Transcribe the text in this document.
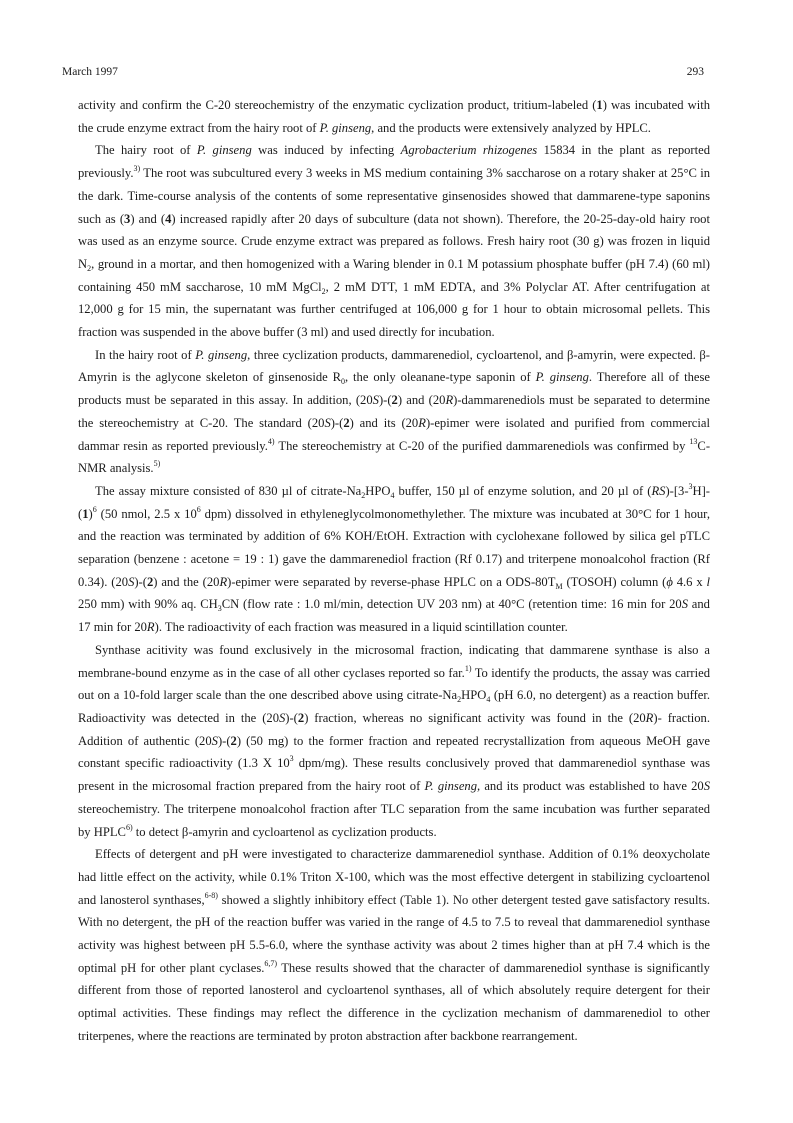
March 1997	293

activity and confirm the C-20 stereochemistry of the enzymatic cyclization product, tritium-labeled (1) was incubated with the crude enzyme extract from the hairy root of P. ginseng, and the products were extensively analyzed by HPLC.

The hairy root of P. ginseng was induced by infecting Agrobacterium rhizogenes 15834 in the plant as reported previously.$^{3)}$ The root was subcultured every 3 weeks in MS medium containing 3% saccharose on a rotary shaker at 25°C in the dark. Time-course analysis of the contents of some representative ginsenosides showed that dammarene-type saponins such as (3) and (4) increased rapidly after 20 days of subculture (data not shown). Therefore, the 20-25-day-old hairy root was used as an enzyme source. Crude enzyme extract was prepared as follows. Fresh hairy root (30 g) was frozen in liquid $N_2$, ground in a mortar, and then homogenized with a Waring blender in 0.1 M potassium phosphate buffer (pH 7.4) (60 ml) containing 450 mM saccharose, 10 mM MgCl$_2$, 2 mM DTT, 1 mM EDTA, and 3% Polyclar AT. After centrifugation at 12,000 g for 15 min, the supernatant was further centrifuged at 106,000 g for 1 hour to obtain microsomal pellets. This fraction was suspended in the above buffer (3 ml) and used directly for incubation.

In the hairy root of P. ginseng, three cyclization products, dammarenediol, cycloartenol, and β-amyrin, were expected. β-Amyrin is the aglycone skeleton of ginsenoside $R_0$, the only oleanane-type saponin of P. ginseng. Therefore all of these products must be separated in this assay. In addition, (20S)-(2) and (20R)-dammarenediols must be separated to determine the stereochemistry at C-20. The standard (20S)-(2) and its (20R)-epimer were isolated and purified from commercial dammar resin as reported previously.$^{4)}$ The stereochemistry at C-20 of the purified dammarenediols was confirmed by $^{13}$C-NMR analysis.$^{5)}$

The assay mixture consisted of 830 µl of citrate-$Na_2HPO_4$ buffer, 150 µl of enzyme solution, and 20 µl of $(RS)-[3-^3H]-(1)^6$ (50 nmol, 2.5 x $10^6$ dpm) dissolved in ethyleneglycolmonomethylether. The mixture was incubated at 30°C for 1 hour, and the reaction was terminated by addition of 6% KOH/EtOH. Extraction with cyclohexane followed by silica gel pTLC separation (benzene : acetone = 19 : 1) gave the dammarenediol fraction (Rf 0.17) and triterpene monoalcohol fraction (Rf 0.34). (20S)-(2) and the (20R)-epimer were separated by reverse-phase HPLC on a ODS-$80T_M$ (TOSOH) column (ϕ 4.6 x l 250 mm) with 90% aq. $CH_3CN$ (flow rate : 1.0 ml/min, detection UV 203 nm) at 40°C (retention time: 16 min for 20S and 17 min for 20R). The radioactivity of each fraction was measured in a liquid scintillation counter.

Synthase acitivity was found exclusively in the microsomal fraction, indicating that dammarene synthase is also a membrane-bound enzyme as in the case of all other cyclases reported so far.$^{1)}$ To identify the products, the assay was carried out on a 10-fold larger scale than the one described above using citrate-$Na_2HPO_4$ (pH 6.0, no detergent) as a reaction buffer. Radioactivity was detected in the (20S)-(2) fraction, whereas no significant activity was found in the (20R)- fraction. Addition of authentic (20S)-(2) (50 mg) to the former fraction and repeated recrystallization from aqueous MeOH gave constant specific radioactivity (1.3 X $10^3$ dpm/mg). These results conclusively proved that dammarenediol synthase was present in the microsomal fraction prepared from the hairy root of P. ginseng, and its product was established to have 20S stereochemistry. The triterpene monoalcohol fraction after TLC separation from the same incubation was further separated by HPLC$^{6)}$ to detect β-amyrin and cycloartenol as cyclization products.

Effects of detergent and pH were investigated to characterize dammarenediol synthase. Addition of 0.1% deoxycholate had little effect on the activity, while 0.1% Triton X-100, which was the most effective detergent in stabilizing cycloartenol and lanosterol synthases,$^{6-8)}$ showed a slightly inhibitory effect (Table 1). No other detergent tested gave satisfactory results. With no detergent, the pH of the reaction buffer was varied in the range of 4.5 to 7.5 to reveal that dammarenediol synthase activity was highest between pH 5.5-6.0, where the synthase activity was about 2 times higher than at pH 7.4 which is the optimal pH for other plant cyclases.$^{6,7)}$ These results showed that the character of dammarenediol synthase is significantly different from those of reported lanosterol and cycloartenol synthases, all of which absolutely require detergent for their optimal activities. These findings may reflect the difference in the cyclization mechanism of dammarenediol to other triterpenes, where the reactions are terminated by proton abstraction after backbone rearrangement.
